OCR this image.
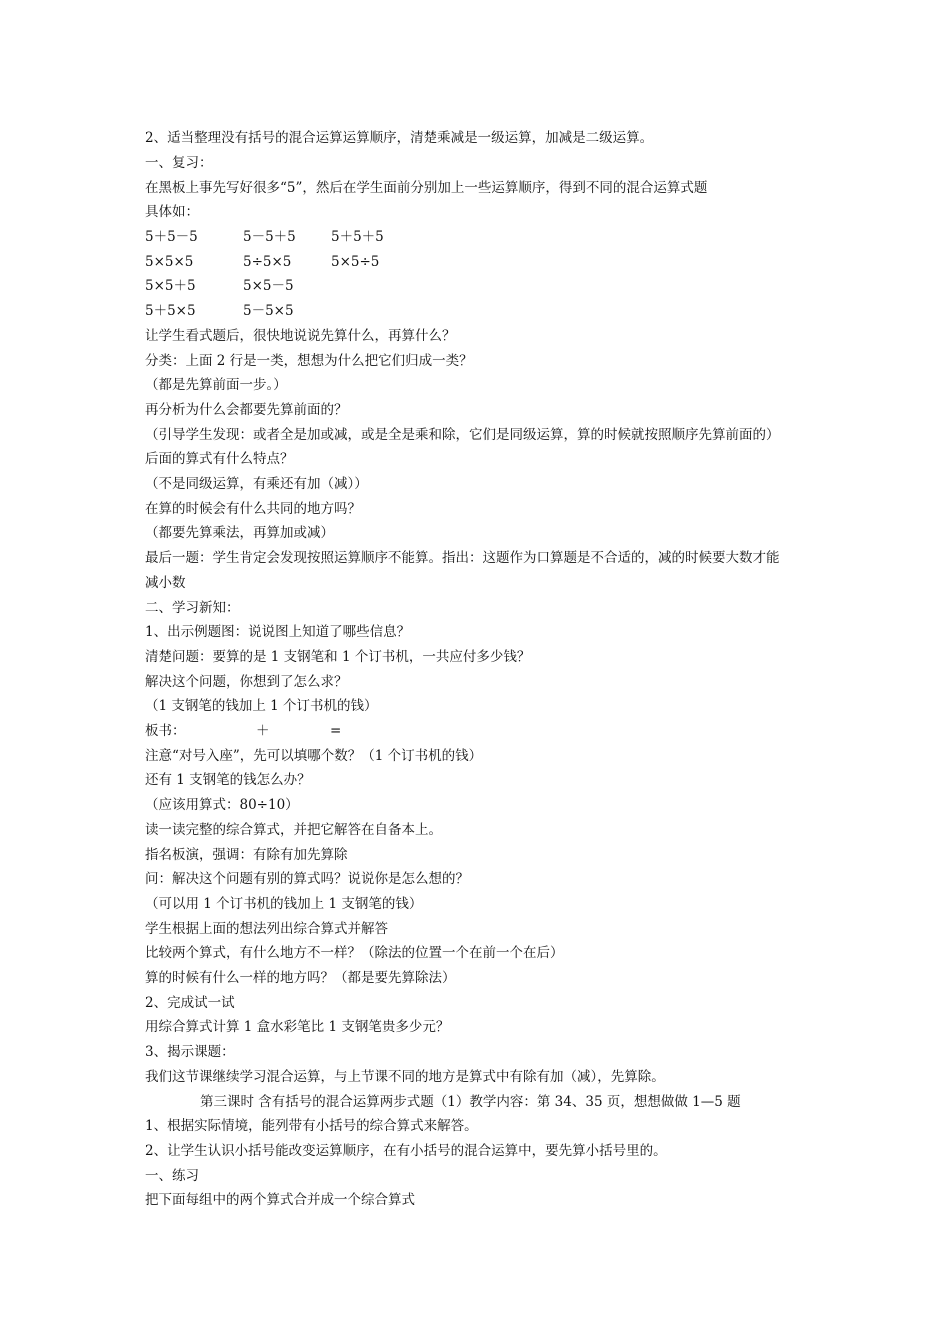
2、适当整理没有括号的混合运算运算顺序，清楚乘减是一级运算，加减是二级运算。
一、复习：
在黑板上事先写好很多“5”，然后在学生面前分别加上一些运算顺序，得到不同的混合运算式题
具体如：
5＋5－5	5－5＋5	5＋5＋5
5×5×5	5÷5×5	5×5÷5
5×5＋5	5×5－5
5＋5×5	5－5×5
让学生看式题后，很快地说说先算什么，再算什么？
分类：上面 2 行是一类，想想为什么把它们归成一类？
（都是先算前面一步。）
再分析为什么会都要先算前面的？
（引导学生发现：或者全是加或减，或是全是乘和除，它们是同级运算，算的时候就按照顺序先算前面的）
后面的算式有什么特点？
（不是同级运算，有乘还有加（减））
在算的时候会有什么共同的地方吗？
（都要先算乘法，再算加或减）
最后一题：学生肯定会发现按照运算顺序不能算。指出：这题作为口算题是不合适的，减的时候要大数才能
减小数
二、学习新知：
1、出示例题图：说说图上知道了哪些信息？
清楚问题：要算的是 1 支钢笔和 1 个订书机，一共应付多少钱？
解决这个问题，你想到了怎么求？
（1 支钢笔的钱加上 1 个订书机的钱）
板书：	＋	=
注意“对号入座”，先可以填哪个数？（1 个订书机的钱）
还有 1 支钢笔的钱怎么办？
（应该用算式：80÷10）
读一读完整的综合算式，并把它解答在自备本上。
指名板演，强调：有除有加先算除
问：解决这个问题有别的算式吗？说说你是怎么想的？
（可以用 1 个订书机的钱加上 1 支钢笔的钱）
学生根据上面的想法列出综合算式并解答
比较两个算式，有什么地方不一样？（除法的位置一个在前一个在后）
算的时候有什么一样的地方吗？（都是要先算除法）
2、完成试一试
用综合算式计算 1 盒水彩笔比 1 支钢笔贵多少元？
3、揭示课题：
我们这节课继续学习混合运算，与上节课不同的地方是算式中有除有加（减），先算除。
第三课时 含有括号的混合运算两步式题（1）教学内容：第 34、35 页，想想做做 1—5 题
1、根据实际情境，能列带有小括号的综合算式来解答。
2、让学生认识小括号能改变运算顺序，在有小括号的混合运算中，要先算小括号里的。
一、练习
把下面每组中的两个算式合并成一个综合算式
